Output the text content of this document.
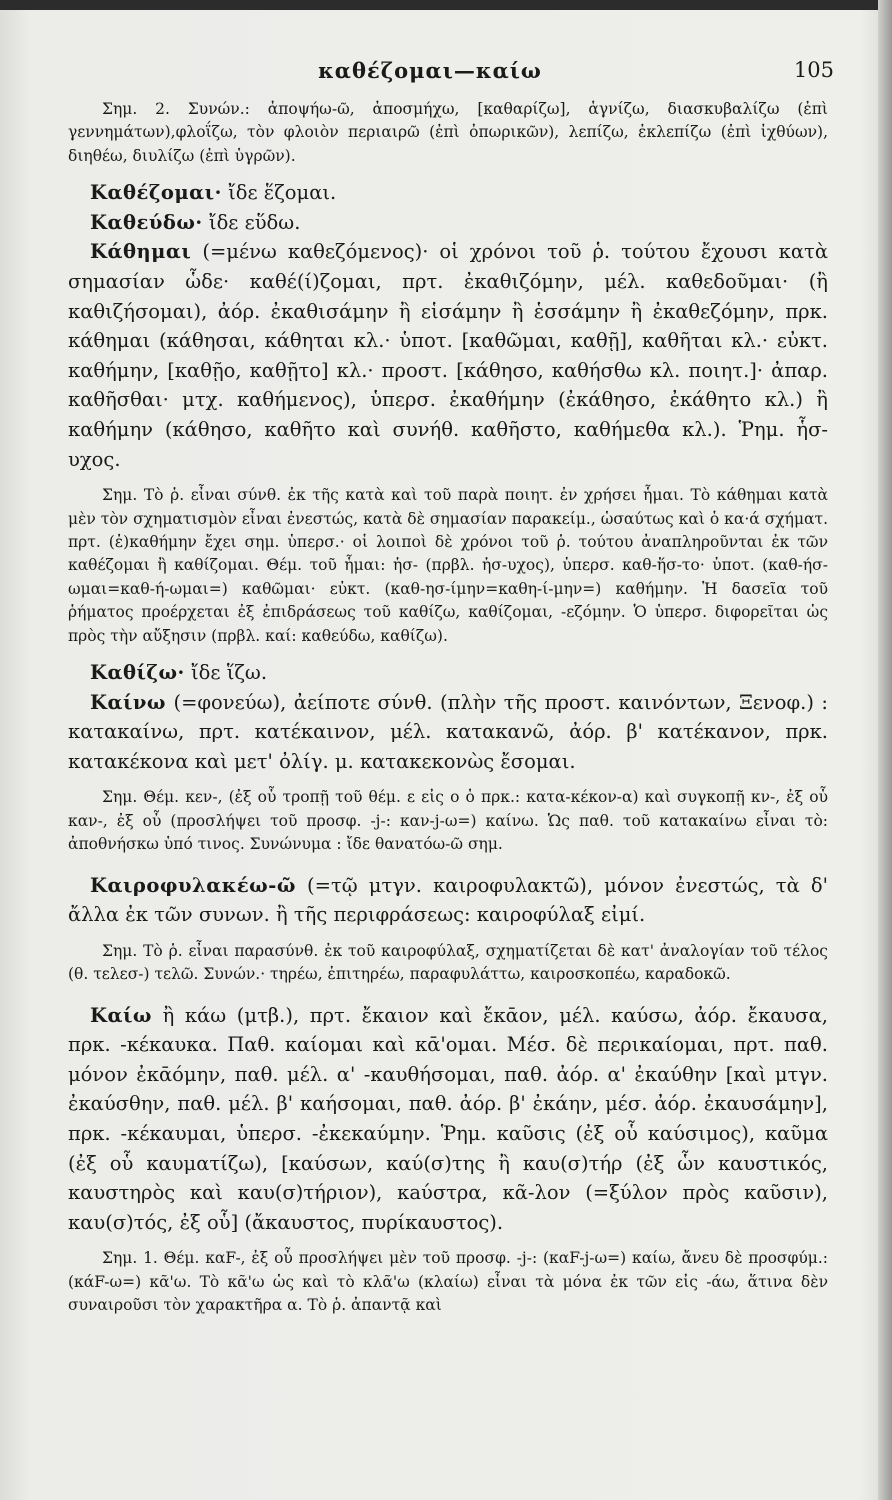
καθέζομαι—καίω	105

Σημ. 2. Συνών.: ἀποψήω-ῶ, ἀποσμήχω, [καθαρίζω], ἁγνίζω, διασκυβαλίζω (ἐπὶ γεννημάτων),φλοΐζω, τὸν φλοιὸν περιαιρῶ (ἐπὶ ὀπωρικῶν), λεπίζω, ἐκλεπίζω (ἐπὶ ἰχθύων), διηθέω, διυλίζω (ἐπὶ ὑγρῶν).

Καθέζομαι· ἴδε ἕζομαι.

Καθεύδω· ἴδε εὕδω.

Κάθημαι (=μένω καθεζόμενος)· οἱ χρόνοι τοῦ ῥ. τούτου ἔχουσι κατὰ σημασίαν ὧδε· καθέ(ί)ζομαι, πρτ. ἐκαθιζόμην, μέλ. καθεδοῦμαι· (ἢ καθιζήσομαι), ἀόρ. ἐκαθισάμην ἢ εἱσάμην ἢ ἑσσάμην ἢ ἐκαθεζόμην, πρκ. κάθημαι (κάθησαι, κάθηται κλ.· ὑποτ. [καθῶμαι, καθῇ], καθῆται κλ.· εὐκτ. καθήμην, [καθῇο, καθῇτο] κλ.· προστ. [κάθησο, καθήσθω κλ. ποιητ.]· ἀπαρ. καθῆσθαι· μτχ. καθήμενος), ὑπερσ. ἐκαθήμην (ἐκάθησο, ἐκάθητο κλ.) ἢ καθήμην (κάθησο, καθῆτο καὶ συνήθ. καθῆστο, καθήμεθα κλ.). Ῥημ. ἧσ-υχος.

Σημ. Τὸ ῥ. εἶναι σύνθ. ἐκ τῆς κατὰ καὶ τοῦ παρὰ ποιητ. ἐν χρήσει ἧμαι. Τὸ κάθημαι κατὰ μὲν τὸν σχηματισμὸν εἶναι ἐνεστώς, κατὰ δὲ σημασίαν παρακείμ., ὡσαύτως καὶ ὁ κα·ά σχήματ. πρτ. (ἐ)καθήμην ἔχει σημ. ὑπερσ.· οἱ λοιποὶ δὲ χρόνοι τοῦ ῥ. τούτου ἀναπληροῦνται ἐκ τῶν καθέζομαι ἢ καθίζομαι. Θέμ. τοῦ ἧμαι: ἡσ- (πρβλ. ἡσ-υχος), ὑπερσ. καθ-ἥσ-το· ὑποτ. (καθ-ήσ-ωμαι=καθ-ή-ωμαι=) καθῶμαι· εὐκτ. (καθ-ησ-ίμην=καθη-ί-μην=) καθήμην. Ἡ δασεῖα τοῦ ῥήματος προέρχεται ἐξ ἐπιδράσεως τοῦ καθίζω, καθίζομαι, -εζόμην. Ὁ ὑπερσ. διφορεῖται ὡς πρὸς τὴν αὔξησιν (πρβλ. καί: καθεύδω, καθίζω).

Καθίζω· ἴδε ἵζω.

Καίνω (=φονεύω), ἀείποτε σύνθ. (πλὴν τῆς προστ. καινόντων, Ξενοφ.) : κατακαίνω, πρτ. κατέκαινον, μέλ. κατακανῶ, ἀόρ. β' κατέκανον, πρκ. κατακέκονα καὶ μετ' ὀλίγ. μ. κατακεκονὼς ἔσομαι.

Σημ. Θέμ. κεν-, (ἐξ οὗ τροπῇ τοῦ θέμ. ε εἰς ο ὁ πρκ.: κατα-κέκον-α) καὶ συγκοπῇ κν-, ἐξ οὗ καν-, ἐξ οὗ (προσλήψει τοῦ προσφ. -j-: καν-j-ω=) καίνω. Ὡς παθ. τοῦ κατακαίνω εἶναι τὸ: ἀποθνήσκω ὑπό τινος. Συνώνυμα : ἴδε θανατόω-ῶ σημ.

Καιροφυλακέω-ῶ (=τῷ μτγν. καιροφυλακτῶ), μόνον ἐνεστώς, τὰ δ' ἄλλα ἐκ τῶν συνων. ἢ τῆς περιφράσεως: καιροφύλαξ εἰμί.

Σημ. Τὸ ῥ. εἶναι παρασύνθ. ἐκ τοῦ καιροφύλαξ, σχηματίζεται δὲ κατ' ἀναλογίαν τοῦ τέλος (θ. τελεσ-) τελῶ. Συνών.· τηρέω, ἐπιτηρέω, παραφυλάττω, καιροσκοπέω, καραδοκῶ.

Καίω ἢ κάω (μτβ.), πρτ. ἔκαιον καὶ ἔκᾱον, μέλ. καύσω, ἀόρ. ἔκαυσα, πρκ. -κέκαυκα. Παθ. καίομαι καὶ κᾱ'ομαι. Μέσ. δὲ περικαίομαι, πρτ. παθ. μόνον ἐκᾱόμην, παθ. μέλ. α' -καυθήσομαι, παθ. ἀόρ. α' ἐκαύθην [καὶ μτγν. ἐκαύσθην, παθ. μέλ. β' καήσομαι, παθ. ἀόρ. β' ἐκάην, μέσ. ἀόρ. ἐκαυσάμην], πρκ. -κέκαυμαι, ὑπερσ. -ἐκεκαύμην. Ῥημ. καῦσις (ἐξ οὗ καύσιμος), καῦμα (ἐξ οὗ καυματίζω), [καύσων, καύ(σ)της ἢ καυ(σ)τήρ (ἐξ ὧν καυστικός, καυστηρὸς καὶ καυ(σ)τήριον), κaύστρα, κᾶ-λον (=ξύλον πρὸς καῦσιν), καυ(σ)τός, ἐξ οὗ] (ἄκαυστος, πυρίκαυστος).

Σημ. 1. Θέμ. καF-, ἐξ οὗ προσλήψει μὲν τοῦ προσφ. -j-: (καF-j-ω=) καίω, ἄνευ δὲ προσφύμ.: (κάF-ω=) κᾶ'ω. Τὸ κᾶ'ω ὡς καὶ τὸ κλᾶ'ω (κλαίω) εἶναι τὰ μόνα ἐκ τῶν εἰς -άω, ἅτινα δὲν συναιροῦσι τὸν χαρακτῆρα α. Τὸ ῥ. ἀπαντᾷ καὶ
